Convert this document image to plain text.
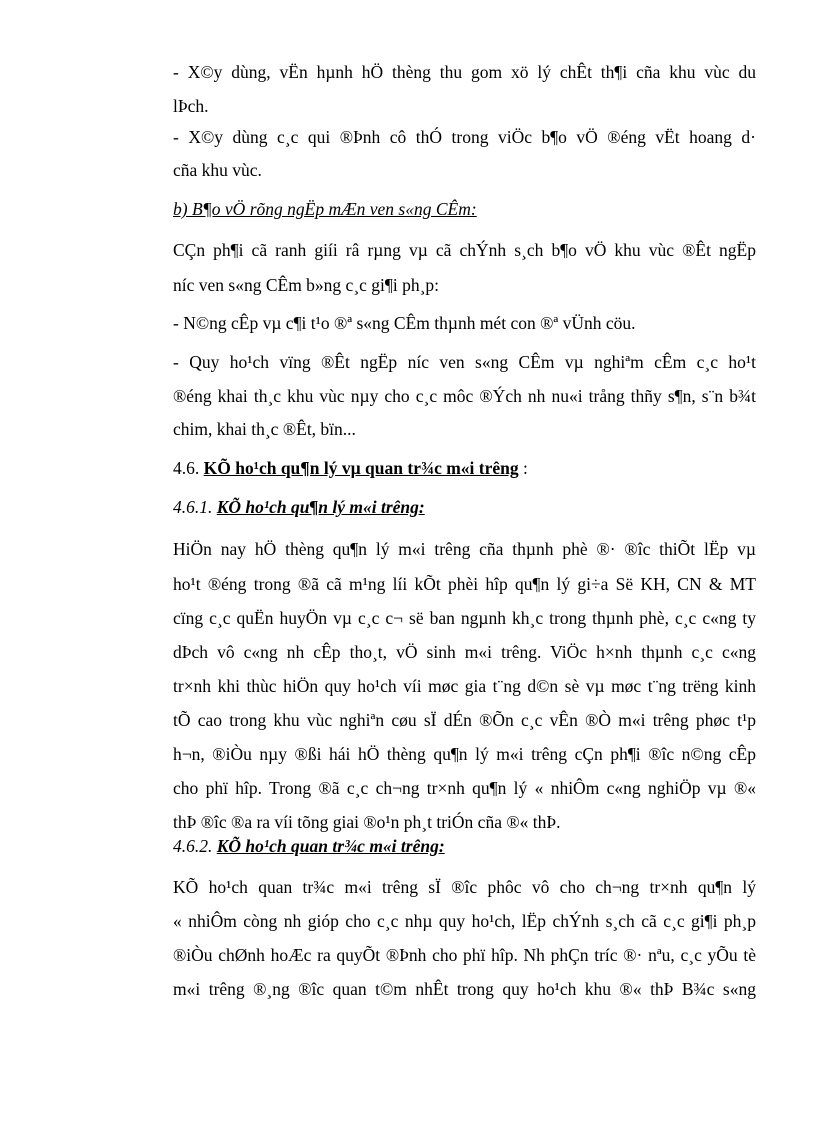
- X©y dùng, vËn hµnh hÖ thèng thu gom xö lý chÊt th¶i cña khu vùc du

lÞch.

- X©y dùng c¸c qui ®Þnh cô thÓ trong viÖc b¶o vÖ ®éng vËt hoang d·

cña khu vùc.

b) B¶o vÖ rõng ngËp mÆn ven s«ng CÊm:

CÇn ph¶i cã ranh giíi râ rµng vµ cã chÝnh s¸ch b¶o vÖ khu vùc ®Êt ngËp

níc ven s«ng CÊm b»ng c¸c gi¶i ph¸p:

- N©ng cÊp vµ c¶i t¹o ®ª s«ng CÊm thµnh mét con ®ª vÜnh cöu.

- Quy ho¹ch vïng ®Êt ngËp níc ven s«ng CÊm vµ nghiªm cÊm c¸c ho¹t

®éng khai th¸c khu vùc nµy cho c¸c môc ®Ých nh nu«i trång thñy s¶n, s¨n b¾t

chim, khai th¸c ®Êt, bïn...

4.6. KÕ ho¹ch qu¶n lý vµ quan tr¾c m«i trêng :

4.6.1. KÕ ho¹ch qu¶n lý m«i trêng:

HiÖn nay hÖ thèng qu¶n lý m«i trêng cña thµnh phè ®· ®îc thiÕt lËp vµ

ho¹t ®éng trong ®ã cã m¹ng líi kÕt phèi hîp qu¶n lý gi÷a Së KH, CN & MT

cïng c¸c quËn huyÖn vµ c¸c c¬ së ban ngµnh kh¸c trong thµnh phè, c¸c c«ng ty

dÞch vô c«ng nh cÊp tho¸t, vÖ sinh m«i trêng. ViÖc h×nh thµnh c¸c c«ng

tr×nh khi thùc hiÖn quy ho¹ch víi møc gia t¨ng d©n sè vµ møc t¨ng trëng kinh

tÕ cao trong khu vùc nghiªn cøu sÏ dÉn ®Õn c¸c vÊn ®Ò m«i trêng phøc t¹p

h¬n, ®iÒu nµy ®ßi hái hÖ thèng qu¶n lý m«i trêng cÇn ph¶i ®îc n©ng cÊp

cho phï hîp. Trong ®ã c¸c ch¬ng tr×nh qu¶n lý « nhiÔm c«ng nghiÖp vµ ®«

thÞ ®îc ®a ra víi tõng giai ®o¹n ph¸t triÓn cña ®« thÞ.

4.6.2. KÕ ho¹ch quan tr¾c m«i trêng:

KÕ ho¹ch quan tr¾c m«i trêng sÏ ®îc phôc vô cho ch¬ng tr×nh qu¶n lý

« nhiÔm còng nh gióp cho c¸c nhµ quy ho¹ch, lËp chÝnh s¸ch cã c¸c gi¶i ph¸p

®iÒu chØnh hoÆc ra quyÕt ®Þnh cho phï hîp. Nh phÇn tríc ®· nªu, c¸c yÕu tè

m«i trêng ®¸ng ®îc quan t©m nhÊt trong quy ho¹ch khu ®« thÞ B¾c s«ng
